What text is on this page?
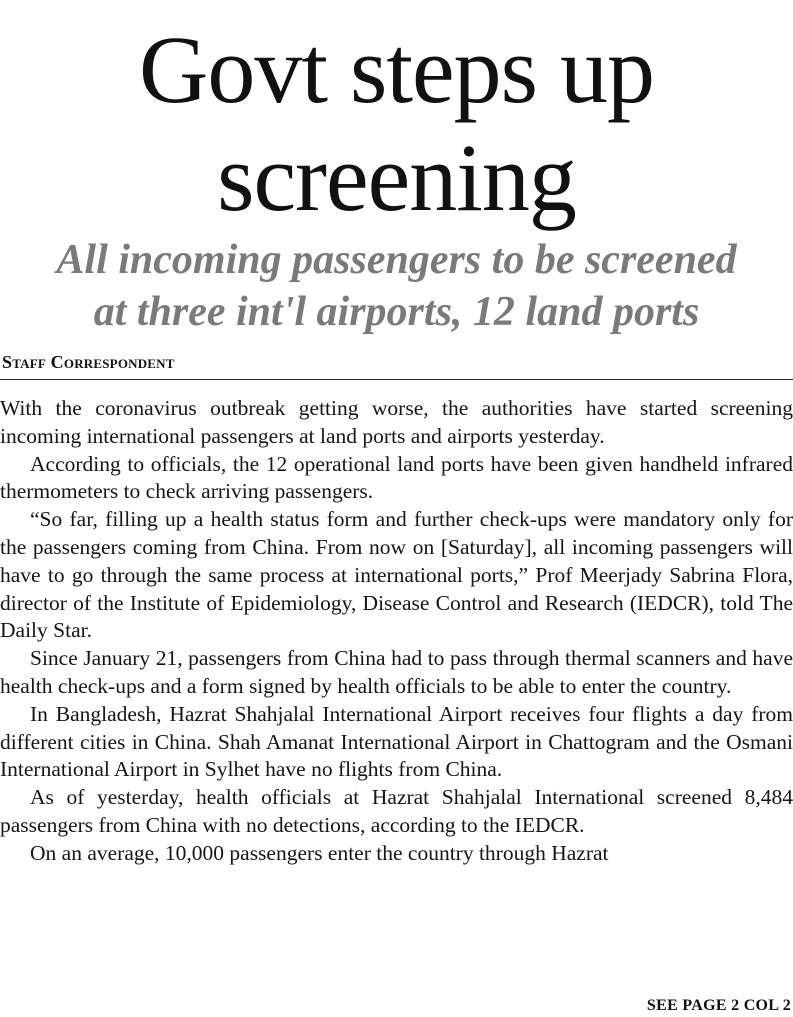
Govt steps up
screening
All incoming passengers to be screened
at three int'l airports, 12 land ports
Staff Correspondent

With the coronavirus outbreak getting worse, the authorities have started screening incoming international passengers at land ports and airports yesterday.

According to officials, the 12 operational land ports have been given handheld infrared thermometers to check arriving passengers.

“So far, filling up a health status form and further check-ups were mandatory only for the passengers coming from China. From now on [Saturday], all incoming passengers will have to go through the same process at international ports,” Prof Meerjady Sabrina Flora, director of the Institute of Epidemiology, Disease Control and Research (IEDCR), told The Daily Star.

Since January 21, passengers from China had to pass through thermal scanners and have health check-ups and a form signed by health officials to be able to enter the country.

In Bangladesh, Hazrat Shahjalal International Airport receives four flights a day from different cities in China. Shah Amanat International Airport in Chattogram and the Osmani International Airport in Sylhet have no flights from China.

As of yesterday, health officials at Hazrat Shahjalal International screened 8,484 passengers from China with no detections, according to the IEDCR.

On an average, 10,000 passengers enter the country through Hazrat

SEE PAGE 2 COL 2
